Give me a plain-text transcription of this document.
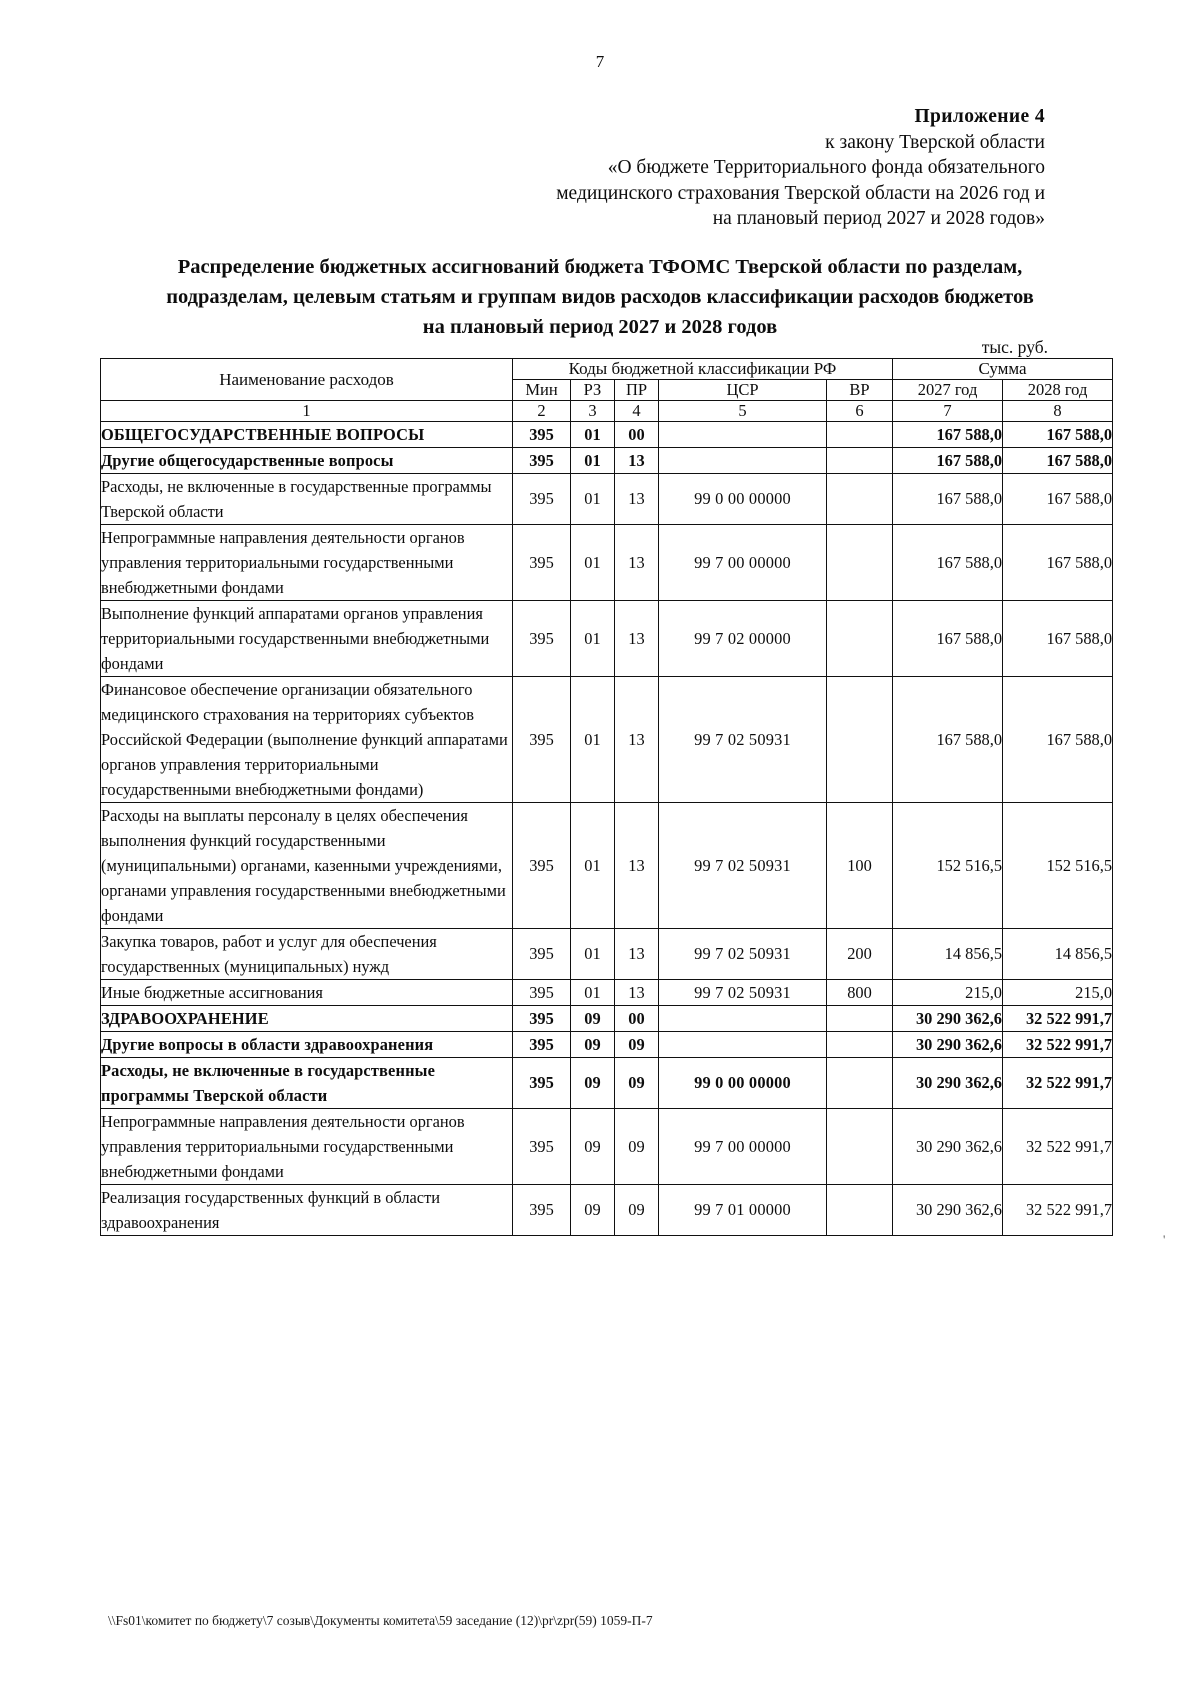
7
Приложение 4
к закону Тверской области
«О бюджете Территориального фонда обязательного
медицинского страхования Тверской области на 2026 год и
на плановый период 2027 и 2028 годов»
Распределение бюджетных ассигнований бюджета ТФОМС Тверской области по разделам,
подразделам, целевым статьям и группам видов расходов классификации расходов бюджетов
на плановый период 2027 и 2028 годов
тыс. руб.
Наименование расходов	Коды бюджетной классификации РФ					Сумма	
	Мин	РЗ	ПР	ЦСР	ВР	2027 год	2028 год
1	2	3	4	5	6	7	8
ОБЩЕГОСУДАРСТВЕННЫЕ ВОПРОСЫ	395	01	00			167 588,0	167 588,0
Другие общегосударственные вопросы	395	01	13			167 588,0	167 588,0
Расходы, не включенные в государственные программы Тверской области	395	01	13	99 0 00 00000		167 588,0	167 588,0
Непрограммные направления деятельности органов управления территориальными государственными внебюджетными фондами	395	01	13	99 7 00 00000		167 588,0	167 588,0
Выполнение функций аппаратами органов управления территориальными государственными внебюджетными фондами	395	01	13	99 7 02 00000		167 588,0	167 588,0
Финансовое обеспечение организации обязательного медицинского страхования на территориях субъектов Российской Федерации (выполнение функций аппаратами органов управления территориальными государственными внебюджетными фондами)	395	01	13	99 7 02 50931		167 588,0	167 588,0
Расходы на выплаты персоналу в целях обеспечения выполнения функций государственными (муниципальными) органами, казенными учреждениями, органами управления государственными внебюджетными фондами	395	01	13	99 7 02 50931	100	152 516,5	152 516,5
Закупка товаров, работ и услуг для обеспечения государственных (муниципальных) нужд	395	01	13	99 7 02 50931	200	14 856,5	14 856,5
Иные бюджетные ассигнования	395	01	13	99 7 02 50931	800	215,0	215,0
ЗДРАВООХРАНЕНИЕ	395	09	00			30 290 362,6	32 522 991,7
Другие вопросы в области здравоохранения	395	09	09			30 290 362,6	32 522 991,7
Расходы, не включенные в государственные программы Тверской области	395	09	09	99 0 00 00000		30 290 362,6	32 522 991,7
Непрограммные направления деятельности органов управления территориальными государственными внебюджетными фондами	395	09	09	99 7 00 00000		30 290 362,6	32 522 991,7
Реализация государственных функций в области здравоохранения	395	09	09	99 7 01 00000		30 290 362,6	32 522 991,7
'
\\Fs01\комитет по бюджету\7 созыв\Документы комитета\59 заседание (12)\pr\zpr(59) 1059-П-7
